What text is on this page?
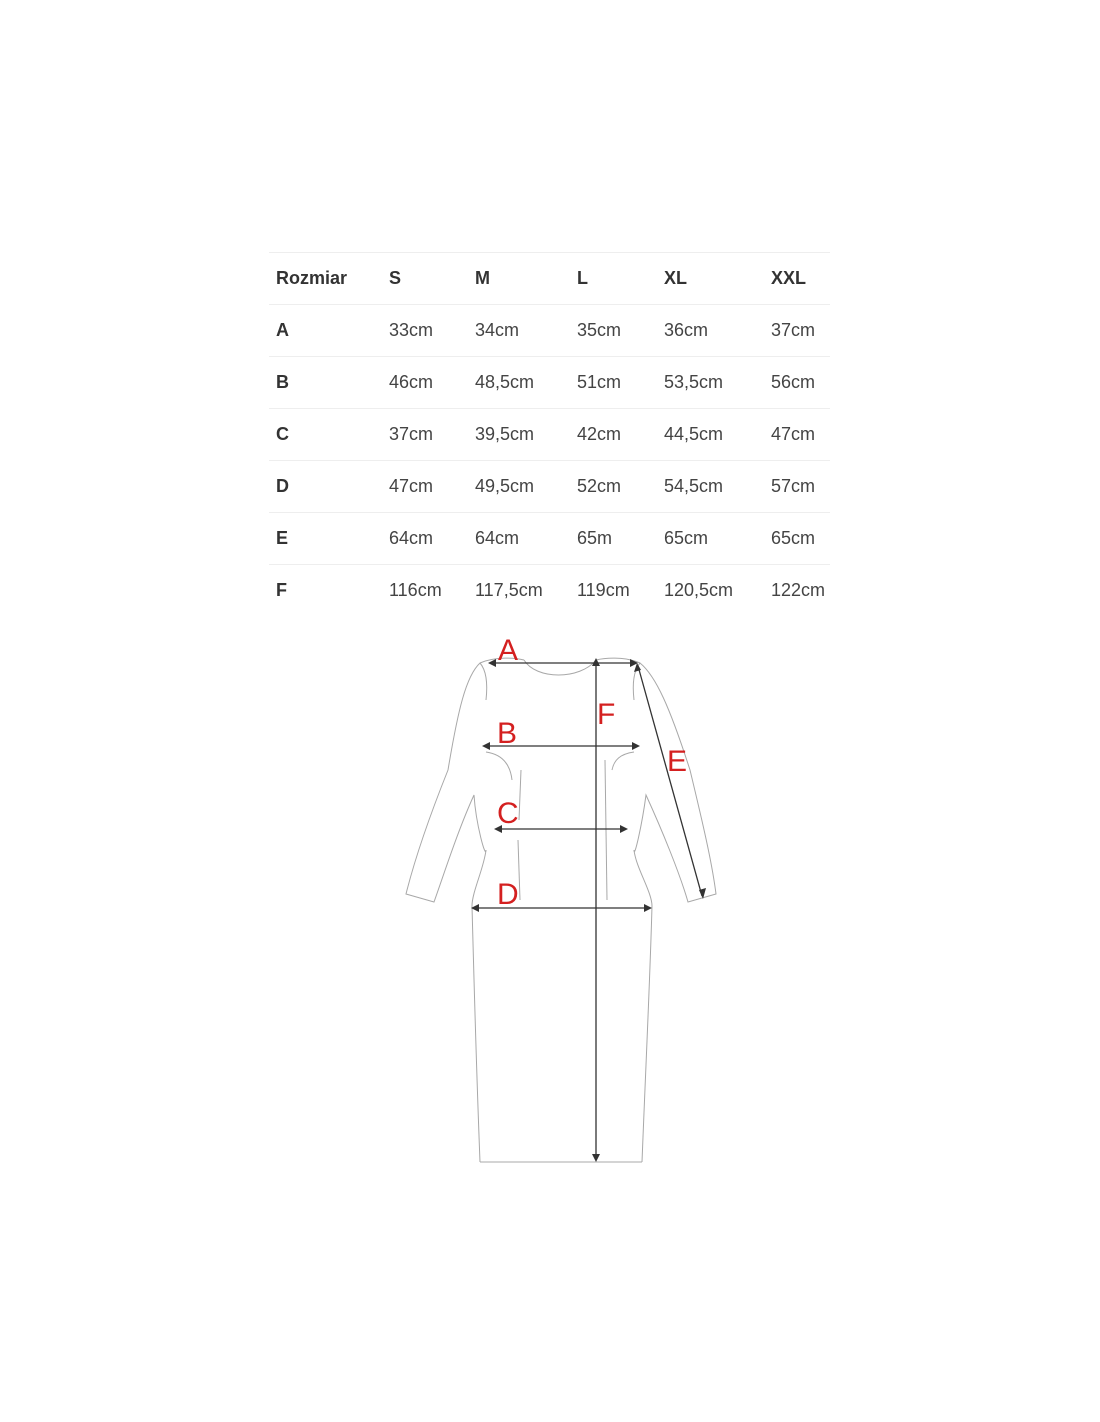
Rozmiar	S	M	L	XL	XXL
A	33cm	34cm	35cm	36cm	37cm
B	46cm	48,5cm	51cm	53,5cm	56cm
C	37cm	39,5cm	42cm	44,5cm	47cm
D	47cm	49,5cm	52cm	54,5cm	57cm
E	64cm	64cm	65m	65cm	65cm
F	116cm	117,5cm	119cm	120,5cm	122cm
A
B
C
D
E
F
